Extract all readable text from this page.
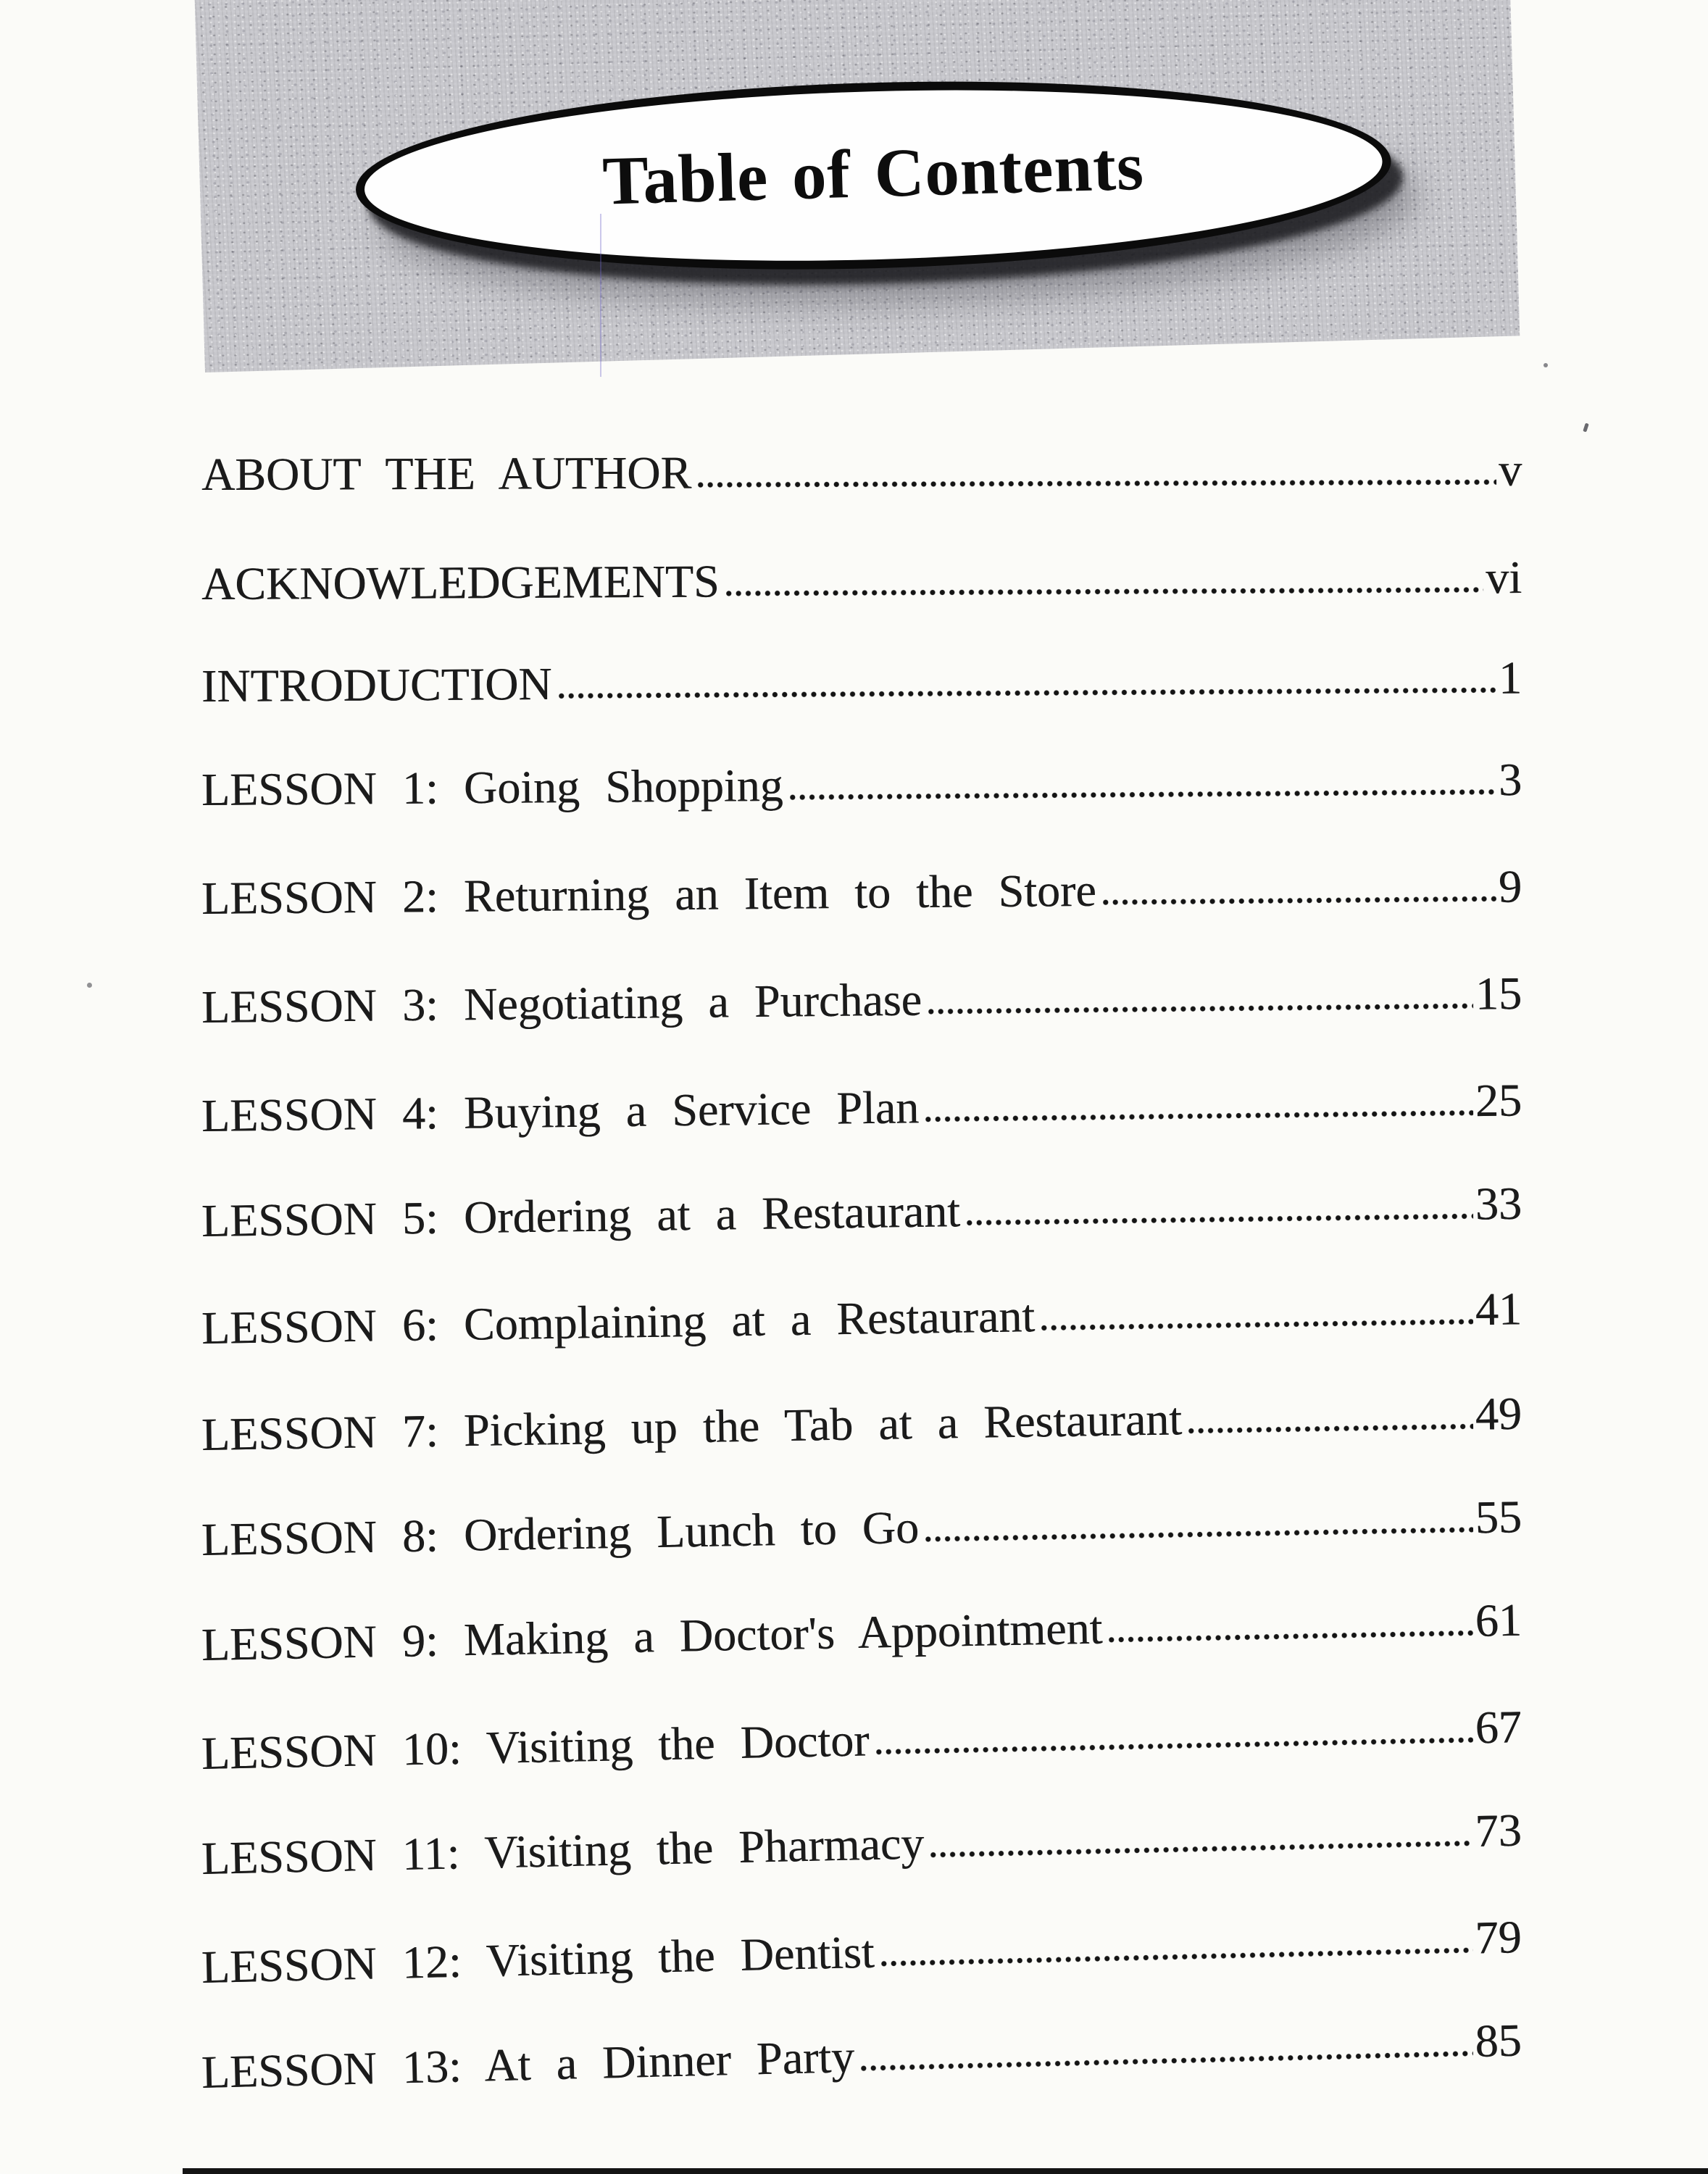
Table of Contents
ABOUT THE AUTHOR	v
ACKNOWLEDGEMENTS	vi
INTRODUCTION	1
LESSON 1: Going Shopping	3
LESSON 2: Returning an Item to the Store	9
LESSON 3: Negotiating a Purchase	15
LESSON 4: Buying a Service Plan	25
LESSON 5: Ordering at a Restaurant	33
LESSON 6: Complaining at a Restaurant	41
LESSON 7: Picking up the Tab at a Restaurant	49
LESSON 8: Ordering Lunch to Go	55
LESSON 9: Making a Doctor's Appointment	61
LESSON 10: Visiting the Doctor	67
LESSON 11: Visiting the Pharmacy	73
LESSON 12: Visiting the Dentist	79
LESSON 13: At a Dinner Party	85
